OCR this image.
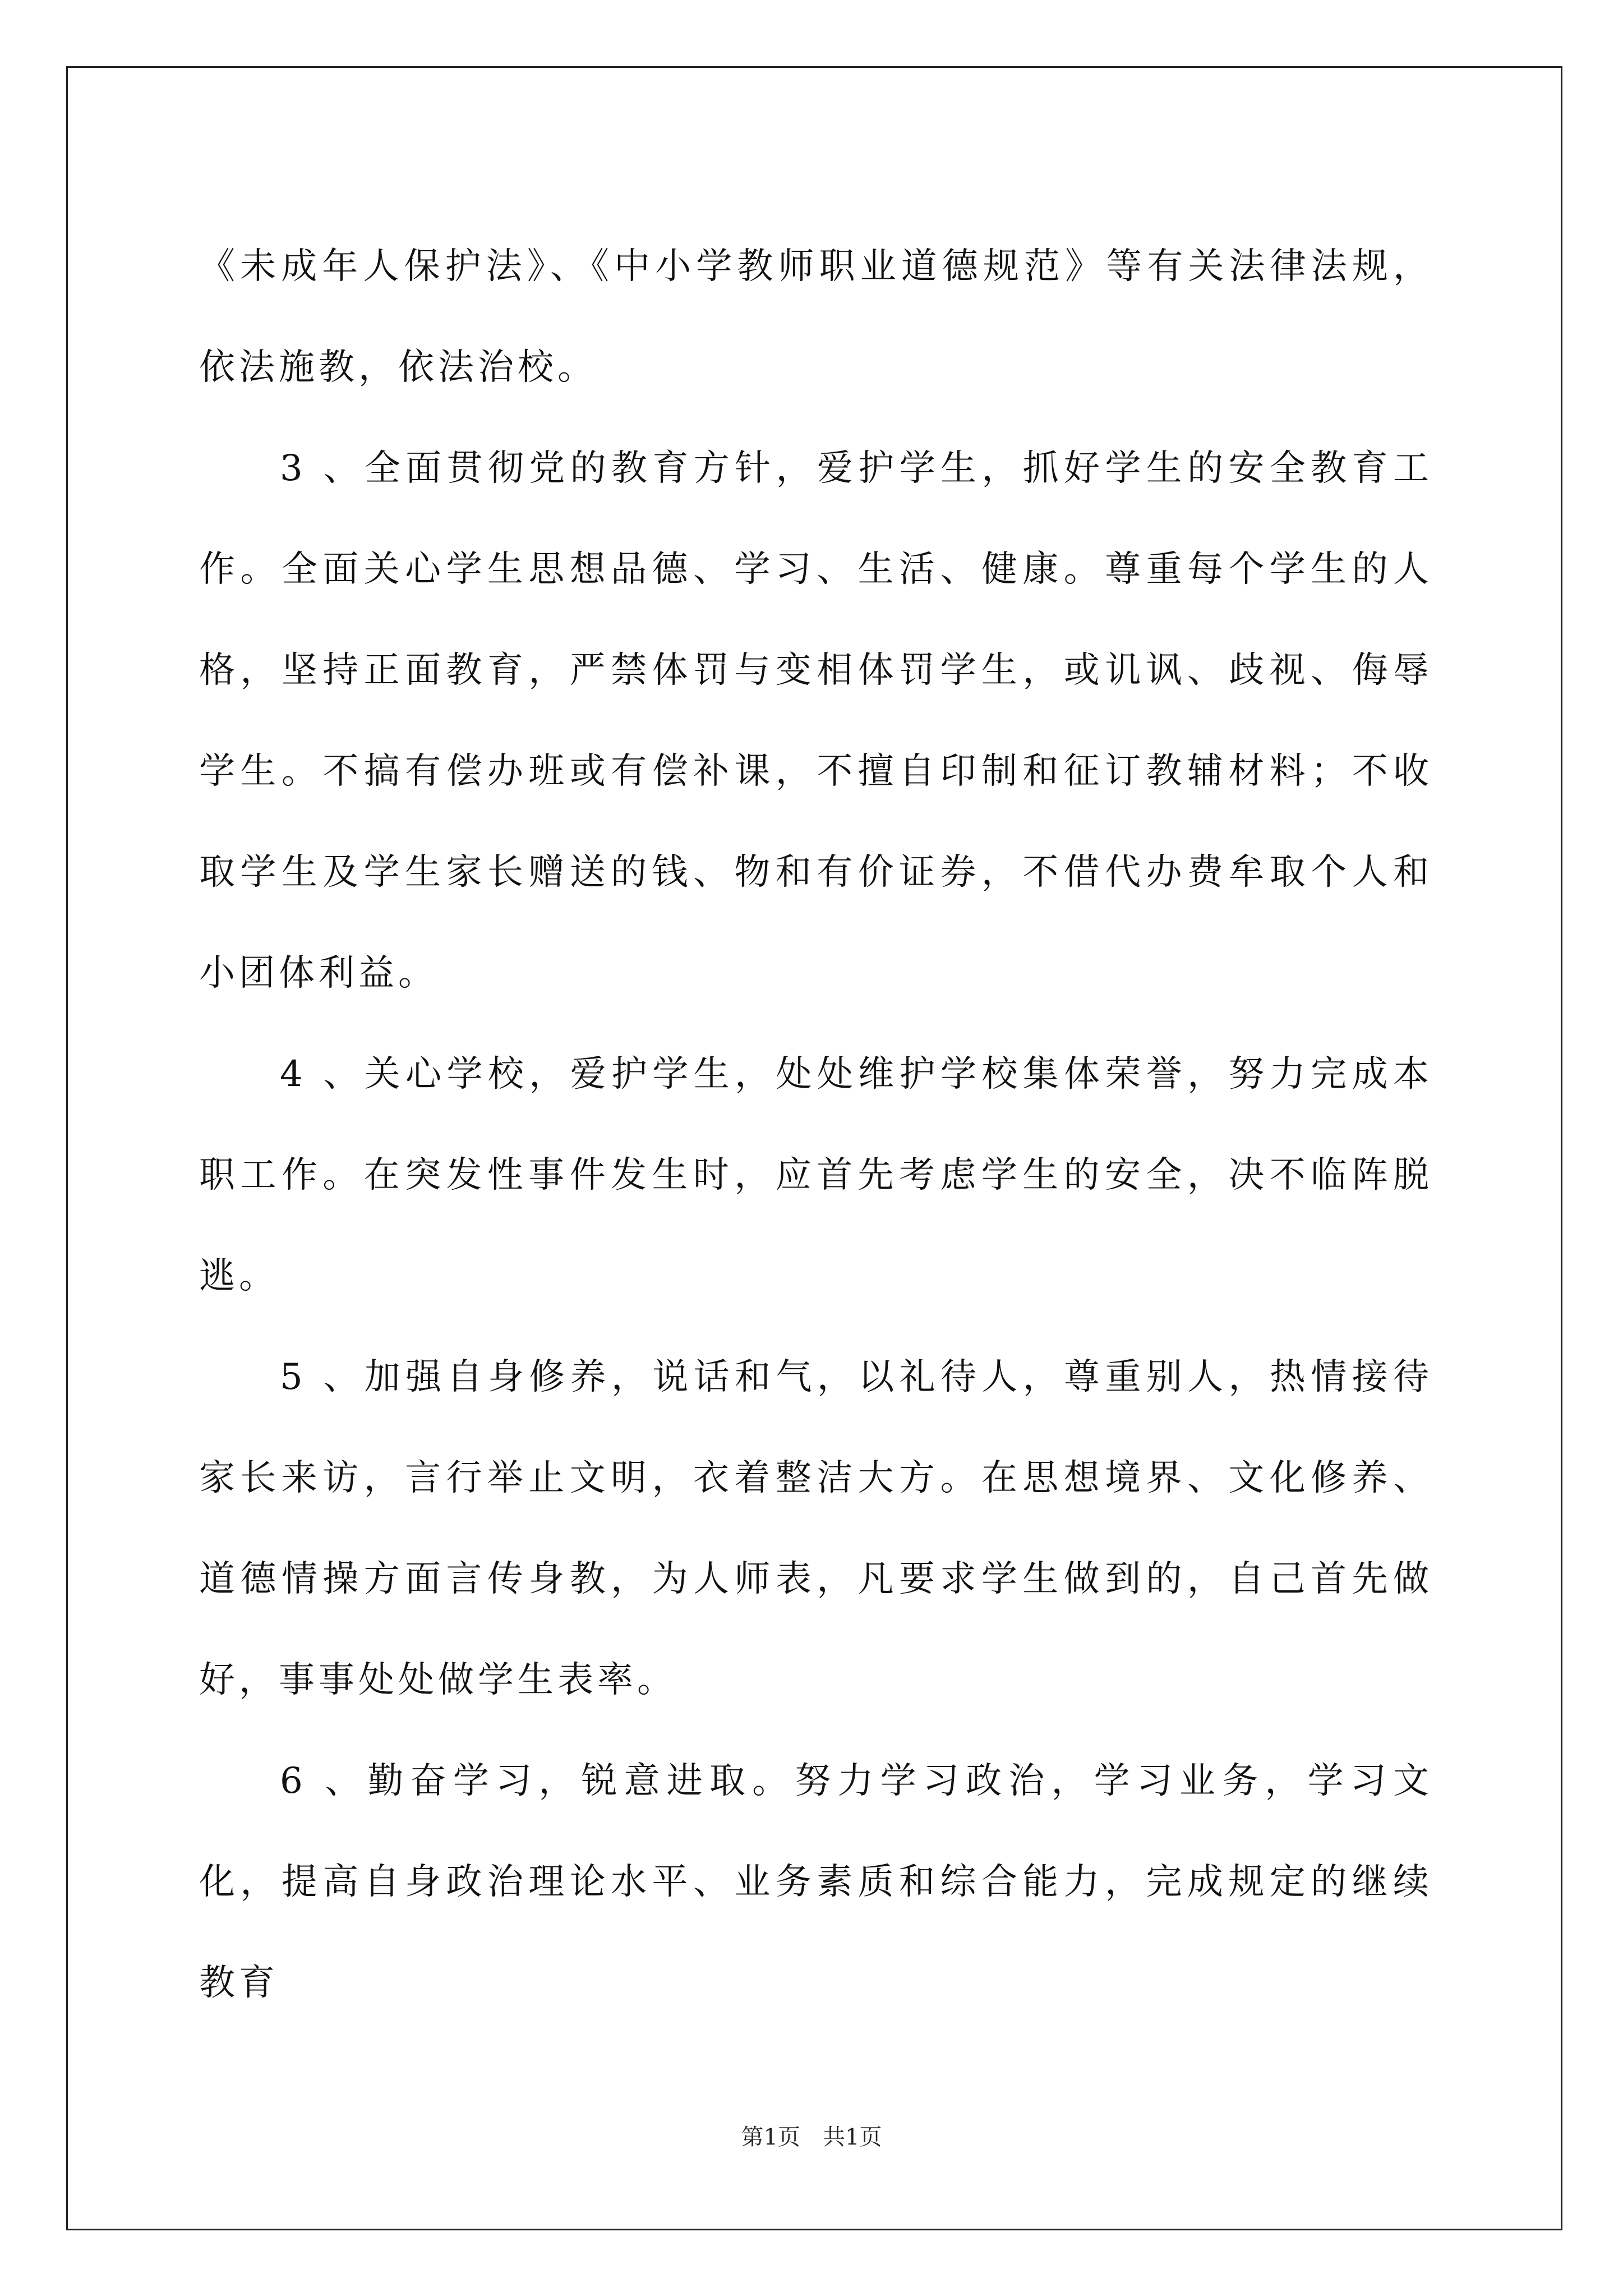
《未成年人保护法》、《中小学教师职业道德规范》等有关法律法规，依法施教，依法治校。

3 、全面贯彻党的教育方针，爱护学生，抓好学生的安全教育工作。全面关心学生思想品德、学习、生活、健康。尊重每个学生的人格，坚持正面教育，严禁体罚与变相体罚学生，或讥讽、歧视、侮辱学生。不搞有偿办班或有偿补课，不擅自印制和征订教辅材料；不收取学生及学生家长赠送的钱、物和有价证券，不借代办费牟取个人和小团体利益。

4 、关心学校，爱护学生，处处维护学校集体荣誉，努力完成本职工作。在突发性事件发生时，应首先考虑学生的安全，决不临阵脱逃。

5 、加强自身修养，说话和气，以礼待人，尊重别人，热情接待家长来访，言行举止文明，衣着整洁大方。在思想境界、文化修养、道德情操方面言传身教，为人师表，凡要求学生做到的，自己首先做好，事事处处做学生表率。

6 、勤奋学习，锐意进取。努力学习政治，学习业务，学习文化，提高自身政治理论水平、业务素质和综合能力，完成规定的继续教育

第1页 共1页
